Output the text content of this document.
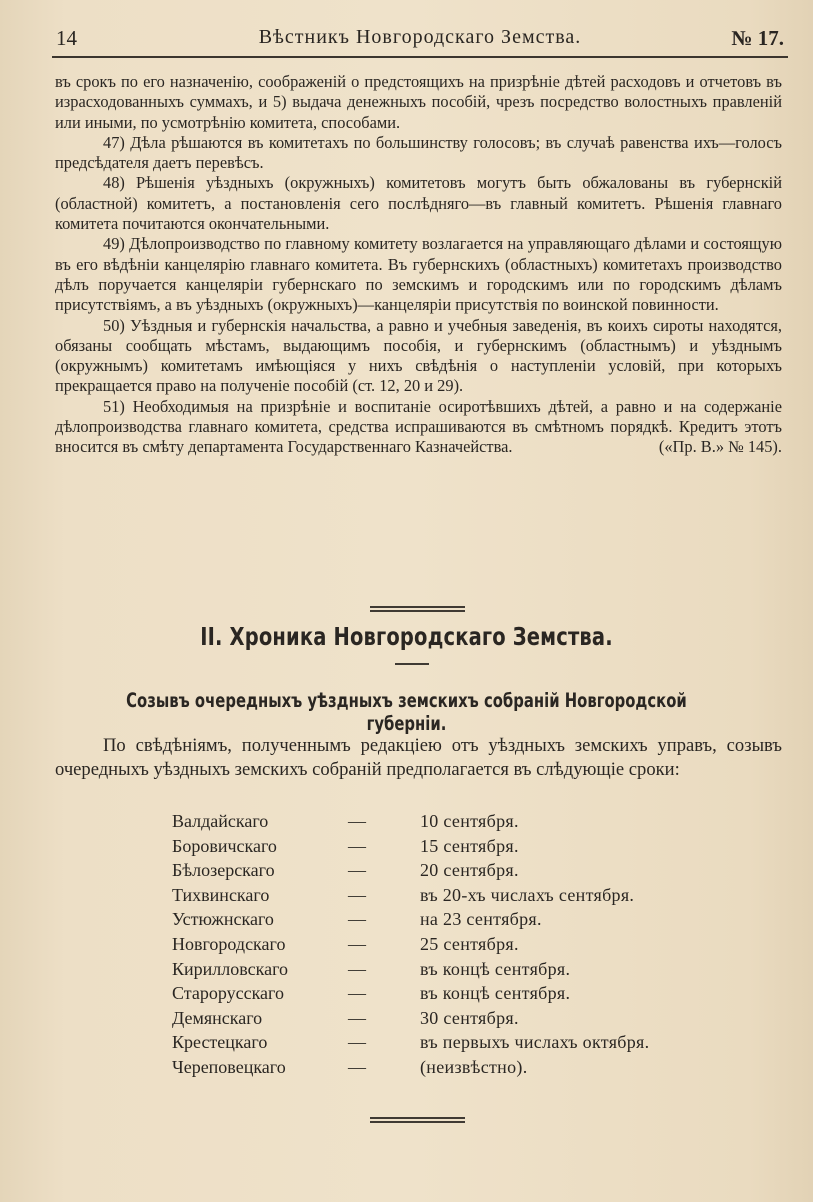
14	Вѣстникъ Новгородскаго Земства.	№ 17.

въ срокъ по его назначенію, соображеній о предстоящихъ на призрѣніе дѣтей расходовъ и отчетовъ въ израсходованныхъ суммахъ, и 5) выдача денежныхъ пособій, чрезъ посредство волостныхъ правленій или иными, по усмотрѣнію комитета, способами.

47) Дѣла рѣшаются въ комитетахъ по большинству голосовъ; въ случаѣ равенства ихъ—голосъ предсѣдателя даетъ перевѣсъ.

48) Рѣшенія уѣздныхъ (окружныхъ) комитетовъ могутъ быть обжалованы въ губернскій (областной) комитетъ, а постановленія сего послѣдняго—въ главный комитетъ. Рѣшенія главнаго комитета почитаются окончательными.

49) Дѣлопроизводство по главному комитету возлагается на управляющаго дѣлами и состоящую въ его вѣдѣніи канцелярію главнаго комитета. Въ губернскихъ (областныхъ) комитетахъ производство дѣлъ поручается канцеляріи губернскаго по земскимъ и городскимъ или по городскимъ дѣламъ присутствіямъ, а въ уѣздныхъ (окружныхъ)—канцеляріи присутствія по воинской повинности.

50) Уѣздныя и губернскія начальства, а равно и учебныя заведенія, въ коихъ сироты находятся, обязаны сообщать мѣстамъ, выдающимъ пособія, и губернскимъ (областнымъ) и уѣзднымъ (окружнымъ) комитетамъ имѣющіяся у нихъ свѣдѣнія о наступленіи условій, при которыхъ прекращается право на полученіе пособій (ст. 12, 20 и 29).

51) Необходимыя на призрѣніе и воспитаніе осиротѣвшихъ дѣтей, а равно и на содержаніе дѣлопроизводства главнаго комитета, средства испрашиваются въ смѣтномъ порядкѣ. Кредитъ этотъ вносится въ смѣту департамента Государственнаго Казначейства.	(«Пр. В.» № 145).

II. Хроника Новгородскаго Земства.
Созывъ очередныхъ уѣздныхъ земскихъ собраній Новгородской губерніи.

По свѣдѣніямъ, полученнымъ редакціею отъ уѣздныхъ земскихъ управъ, созывъ очередныхъ уѣздныхъ земскихъ собраній предполагается въ слѣдующіе сроки:

Валдайскаго	—	10 сентября.
Боровичскаго	—	15 сентября.
Бѣлозерскаго	—	20 сентября.
Тихвинскаго	—	въ 20-хъ числахъ сентября.
Устюжнскаго	—	на 23 сентября.
Новгородскаго	—	25 сентября.
Кирилловскаго	—	въ концѣ сентября.
Старорусскаго	—	въ концѣ сентября.
Демянскаго	—	30 сентября.
Крестецкаго	—	въ первыхъ числахъ октября.
Череповецкаго	—	(неизвѣстно).
